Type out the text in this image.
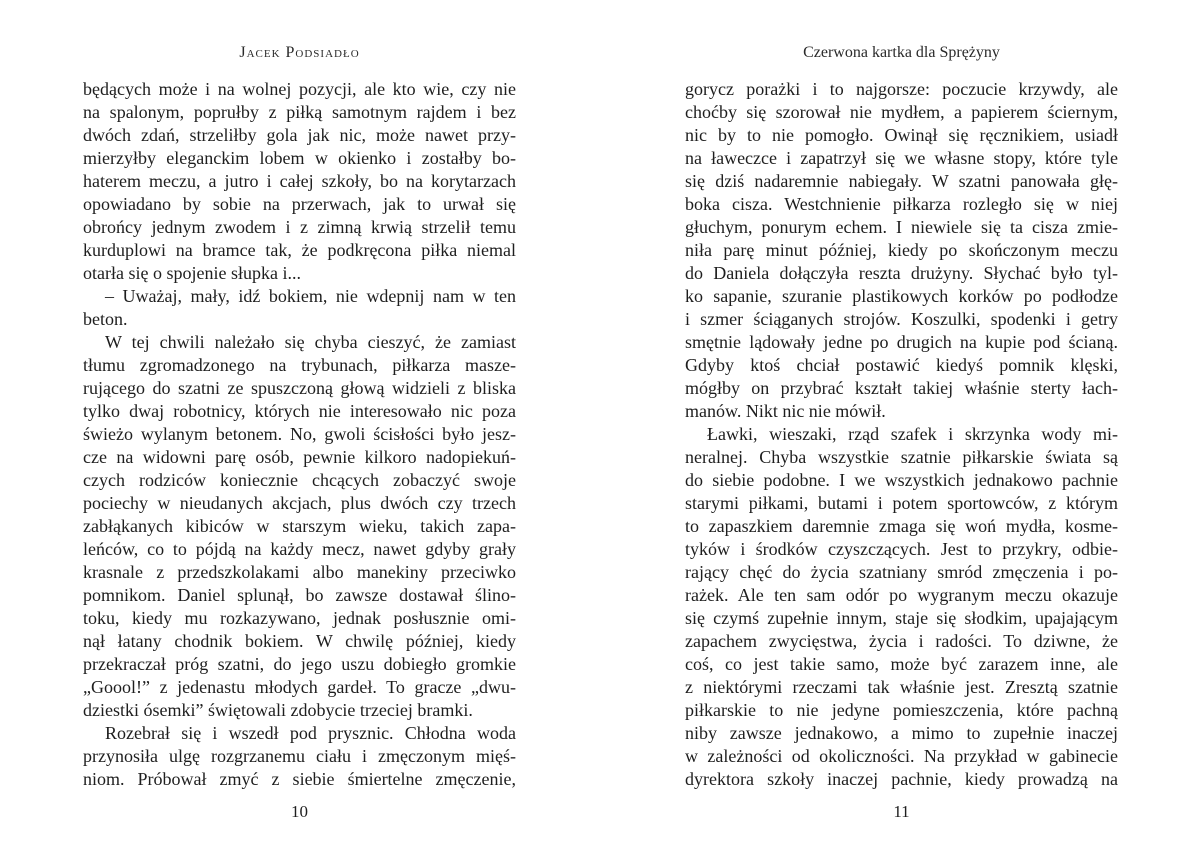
Jacek Podsiadło
będących może i na wolnej pozycji, ale kto wie, czy nie
na spalonym, poprułby z piłką samotnym rajdem i bez
dwóch zdań, strzeliłby gola jak nic, może nawet przy-
mierzyłby eleganckim lobem w okienko i zostałby bo-
haterem meczu, a jutro i całej szkoły, bo na korytarzach
opowiadano by sobie na przerwach, jak to urwał się
obrońcy jednym zwodem i z zimną krwią strzelił temu
kurduplowi na bramce tak, że podkręcona piłka niemal
otarła się o spojenie słupka i...
– Uważaj, mały, idź bokiem, nie wdepnij nam w ten
beton.
W tej chwili należało się chyba cieszyć, że zamiast
tłumu zgromadzonego na trybunach, piłkarza masze-
rującego do szatni ze spuszczoną głową widzieli z bliska
tylko dwaj robotnicy, których nie interesowało nic poza
świeżo wylanym betonem. No, gwoli ścisłości było jesz-
cze na widowni parę osób, pewnie kilkoro nadopiekuń-
czych rodziców koniecznie chcących zobaczyć swoje
pociechy w nieudanych akcjach, plus dwóch czy trzech
zabłąkanych kibiców w starszym wieku, takich zapa-
leńców, co to pójdą na każdy mecz, nawet gdyby grały
krasnale z przedszkolakami albo manekiny przeciwko
pomnikom. Daniel splunął, bo zawsze dostawał ślino-
toku, kiedy mu rozkazywano, jednak posłusznie omi-
nął łatany chodnik bokiem. W chwilę później, kiedy
przekraczał próg szatni, do jego uszu dobiegło gromkie
„Goool!” z jedenastu młodych gardeł. To gracze „dwu-
dziestki ósemki” świętowali zdobycie trzeciej bramki.
Rozebrał się i wszedł pod prysznic. Chłodna woda
przynosiła ulgę rozgrzanemu ciału i zmęczonym mięś-
niom. Próbował zmyć z siebie śmiertelne zmęczenie,
10
Czerwona kartka dla Sprężyny
gorycz porażki i to najgorsze: poczucie krzywdy, ale
choćby się szorował nie mydłem, a papierem ściernym,
nic by to nie pomogło. Owinął się ręcznikiem, usiadł
na ławeczce i zapatrzył się we własne stopy, które tyle
się dziś nadaremnie nabiegały. W szatni panowała głę-
boka cisza. Westchnienie piłkarza rozległo się w niej
głuchym, ponurym echem. I niewiele się ta cisza zmie-
niła parę minut później, kiedy po skończonym meczu
do Daniela dołączyła reszta drużyny. Słychać było tyl-
ko sapanie, szuranie plastikowych korków po podłodze
i szmer ściąganych strojów. Koszulki, spodenki i getry
smętnie lądowały jedne po drugich na kupie pod ścianą.
Gdyby ktoś chciał postawić kiedyś pomnik klęski,
mógłby on przybrać kształt takiej właśnie sterty łach-
manów. Nikt nic nie mówił.
Ławki, wieszaki, rząd szafek i skrzynka wody mi-
neralnej. Chyba wszystkie szatnie piłkarskie świata są
do siebie podobne. I we wszystkich jednakowo pachnie
starymi piłkami, butami i potem sportowców, z którym
to zapaszkiem daremnie zmaga się woń mydła, kosme-
tyków i środków czyszczących. Jest to przykry, odbie-
rający chęć do życia szatniany smród zmęczenia i po-
rażek. Ale ten sam odór po wygranym meczu okazuje
się czymś zupełnie innym, staje się słodkim, upajającym
zapachem zwycięstwa, życia i radości. To dziwne, że
coś, co jest takie samo, może być zarazem inne, ale
z niektórymi rzeczami tak właśnie jest. Zresztą szatnie
piłkarskie to nie jedyne pomieszczenia, które pachną
niby zawsze jednakowo, a mimo to zupełnie inaczej
w zależności od okoliczności. Na przykład w gabinecie
dyrektora szkoły inaczej pachnie, kiedy prowadzą na
11
